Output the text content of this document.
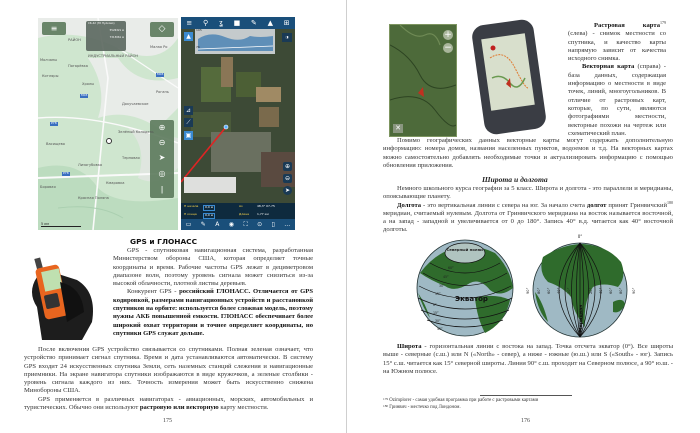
≡
СК-42 (7К Пулково)
5526321 м
7313061 м
◇
⊕
⊖
➤
◎
ǀ
РАЙОН
ИНДУСТРИАЛЬНЫЙ РАЙОН
Малая Ро
Погарёвка
Котляры
Хролы
Рогань
Докучаевское
Васищево
Зелёный Колодезь
Терновая
Лизогубовка
Кмаровка
Красная Поляна
Боровая
Молчаны
М03
М03
Р78
Р78
5 км
≡ ⚲ ʓ ■ ✎ ▲ ⊞
195
76
▲
⊿
⟋
▣
◨
⊕
⊖
➤
Н начала	0,0 м
Н конца	0,0 м
Аз	48,3° 07-75
Длина	1,77 км
▭ ✎ A ◉ ⛶ ⊙ ▯ …
GPS и ГЛОНАСС

GPS - спутниковая навигационная система, разработанная Министерством обороны США, которая определяет точные координаты и время. Рабочие частоты GPS лежат в дециметровом диапазоне волн, поэтому уровень сигнала может снизиться из-за высокой облачности, плотной листвы деревьев.

Конкурент GPS - российский ГЛОНАСС. Отличается от GPS кодировкой, размерами навигационных устройств и расстановкой спутников на орбите: используется более сложная модель, поэтому нужны АКБ повышенной емкости. ГЛОНАСС обеспечивает более широкий охват территории и точнее определяет координаты, но спутники GPS служат дольше.

После включения GPS устройство связывается со спутниками. Полная зеленая означает, что устройство принимает сигнал спутника. Время и дата устанавливаются автоматически. В систему GPS входит 24 искусственных спутника Земли, сеть наземных станций слежения и навигационные приемники. На экране навигатора спутники изображаются в виде кружочков, а зеленые столбики - уровень сигнала каждого из них. Точность измерения может быть искусственно снижена Минобороны США.

GPS применяется в различных навигаторах - авиационных, морских, автомобильных и туристических. Обычно они используют растровую или векторную карту местности.

175
+
−
✕

Растровая карта$^{179}$ (слева) - снимок местности со спутника, и качество карты напрямую зависит от качества исходного снимка.

Векторная карта (справа) - база данных, содержащая информацию о местности в виде точек, линий, многоугольников. В отличие от растровых карт, которые, по сути, являются фотографиями местности, векторные похожи на чертеж или схематический план.

Помимо географических данных векторные карты могут содержать дополнительную информацию: номера домов, названия населенных пунктов, водоемов и т.д. На векторных картах можно самостоятельно добавлять необходимые точки и актуализировать информацию с помощью обновления приложения.

Широта и долгота

Немного школьного курса географии за 5 класс. Широта и долгота - это параллели и меридианы, опоясывающие планету.

Долгота - это вертикальная линии с севера на юг. За начало счета долгот принят Гринвичский$^{180}$ меридиан, считаемый нулевым. Долгота от Гринвичского меридиана на восток называется восточной, а на запад - западной и увеличивается от 0 до 180°. Запись 40° в.д. читается как 40° восточной долготы.

Северный полюс
Экватор
60°
45°
30°
15°
0°
15°
30°
45°
0°
90°	90°
80° 60° 40° 20°	20° 40° 60° 80°
Меридиан

Широта - горизонтальная линии с востока на запад. Точка отсчета экватор (0°). Все широты выше - северные (с.ш.) или N («North» - север), а ниже - южные (ю.ш.) или S («South» - юг). Запись 15° с.ш. читается как 15° северной широты. Линия 90° с.ш. проходит на Северном полюсе, а 90° ю.ш. - на Южном полюсе.

$^{179}$ Ozimplorer - самая удобная программа при работе с растровыми картами
$^{180}$ Гринвич - местечко под Лондоном.
176
